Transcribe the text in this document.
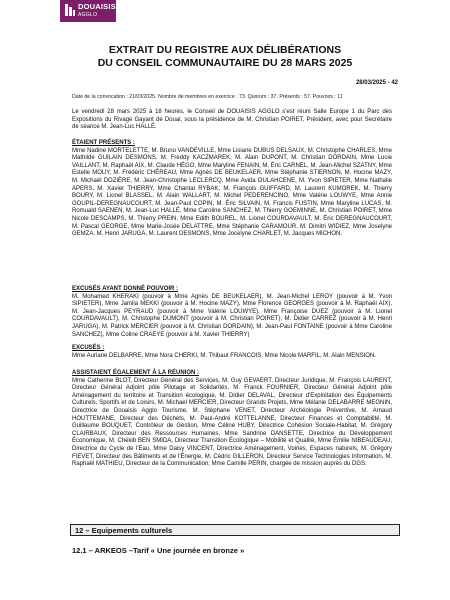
DOUAISIS
AGGLO
EXTRAIT DU REGISTRE AUX DÉLIBÉRATIONS
DU CONSEIL COMMUNAUTAIRE DU 28 MARS 2025
28/03/2025 - 42
Date de la convocation : 21/03/2025. Nombre de membres en exercice : 73. Quorum : 37. Présents : 57. Pouvoirs : 11
Le vendredi 28 mars 2025 à 18 heures, le Conseil de DOUAISIS AGGLO s'est réuni Salle Europe 1 du Parc des Expositions du Rivage Gayant de Douai, sous la présidence de M. Christian POIRET, Président, avec pour Secrétaire de séance M. Jean-Luc HALLÉ.
ÉTAIENT PRÉSENTS :
Mme Nadine MORTELETTE, M. Bruno VANDEVILLE, Mme Lisiane DUBUS DELSAUX, M. Christophe CHARLES, Mme Mathilde GUILAIN DESMONS, M. Freddy KACZMAREK, M. Alain DUPONT, M. Christian DORDAIN, Mme Lucie VAILLANT, M. Raphaël AIX, M. Claude HÉGO, Mme Maryline FENAIN, M. Éric CARNEL, M. Jean-Michel SZATNY, Mme Estelle MOUY, M. Frédéric CHÉREAU, Mme Agnès DE BEUKELAER, Mme Stéphanie STIERNON, M. Hocine MAZY, M. Michaël DOZIÈRE, M. Jean-Christophe LECLERCQ, Mme Avida OULAHCENE, M. Yvon SIPIETER, Mme Nathalie APERS, M. Xavier THIERRY, Mme Chantal RYBAK, M. François GUIFFARD, M. Laurent KUMOREK, M. Thierry BOURY, M. Lionel BLASSEL, M. Alain WALLART, M. Michel PEDERENCINO, Mme Valérie LOUWYE, Mme Annie GOUPIL-DEREGNAUCOURT, M. Jean-Paul COPIN, M. Éric SILVAIN, M. Francis FUSTIN, Mme Maryline LUCAS, M. Romuald SAENEN, M. Jean-Luc HALLÉ, Mme Caroline SANCHEZ, M. Thierry GOEMINNE, M. Christian POIRET, Mme Nicole DESCAMPS, M. Thierry PREIN, Mme Edith BOUREL, M. Lionel COURDAVAULT, M. Éric DEREGNAUCOURT, M. Pascal GEORGE, Mme Marie-Josée DELATTRE, Mme Stéphanie CARAMOUR, M. Dimitri WIDIEZ, Mme Joselyne GEMZA, M. Henri JARUGA, M. Laurent DESMONS, Mme Jocelyne CHARLET, M. Jacques MICHON.
EXCUSÉS AYANT DONNÉ POUVOIR :
M. Mohamed KHERAKI (pouvoir à Mme Agnès DE BEUKELAER), M. Jean-Michel LEROY (pouvoir à M. Yvon SIPIETER), Mme Jamila MEKKI (pouvoir à M. Hocine MAZY), Mme Florence GEORGES (pouvoir à M. Raphaël AIX), M. Jean-Jacques PEYRAUD (pouvoir à Mme Valérie LOUWYE), Mme Françoise DUEZ (pouvoir à M. Lionel COURDAVAULT), M. Christophe DUMONT (pouvoir à M. Christian POIRET), M. Didier CARREZ (pouvoir à M. Henri JARUGA), M. Patrick MERCIER (pouvoir à M. Christian DORDAIN), M. Jean-Paul FONTAINE (pouvoir à Mme Caroline SANCHEZ), Mme Coline CRAEYE (pouvoir à M. Xavier THIERRY)
EXCUSÉS :
Mme Auriane DELBARRE, Mme Nora CHERKI, M. Thibaut FRANCOIS, Mme Nicole MARFIL, M. Alain MENSION.
ASSISTAIENT ÉGALEMENT À LA RÉUNION :
Mme Catherine BLOT, Directeur Général des Services, M. Guy GEVAERT, Directeur Juridique, M. François LAURENT, Directeur Général Adjoint pôle Pilotage et Solidarités, M. Franck FOURNIER, Directeur Général Adjoint pôle Aménagement du territoire et Transition écologique, M. Didier DELAVAL, Directeur d'Exploitation des Équipements Culturels, Sportifs et de Loisirs, M. Michael MERCIER, Directeur Grands Projets, Mme Mélanie DELABARRE MEGNIN, Directrice de Douaisis Agglo Tourisme, M. Stéphane VENET, Directeur Archéologie Préventive, M. Arnaud HOUTTEMANE, Directeur des Déchets, M. Paul-André KOTTELANNE, Directeur Finances et Comptabilité, M. Guillaume BOUQUET, Contrôleur de Gestion, Mme Céline HUBY, Directrice Cohésion Sociale-Habitat, M. Grégory CLAIRBAUX, Directeur des Ressources Humaines, Mme Sandrine DANSETTE, Directrice du Développement Économique, M. Chékib BEN SMIDA, Directeur Transition Écologique – Mobilité et Qualité, Mme Émilie NIBEAUDEAU, Directrice du Cycle de l'Eau, Mme Daisy VINCENT, Directrice Aménagement, Voiries, Espaces naturels, M. Grégory FIEVET, Directeur des Bâtiments et de l'Énergie, M. Cédric GILLERON, Directeur Service Technologies Information, M. Raphaël MATHIEU, Directeur de la Communication, Mme Camille PERIN, chargée de mission auprès du DGS.
12 – Equipements culturels
12.1 – ARKEOS –Tarif « Une journée en bronze »
